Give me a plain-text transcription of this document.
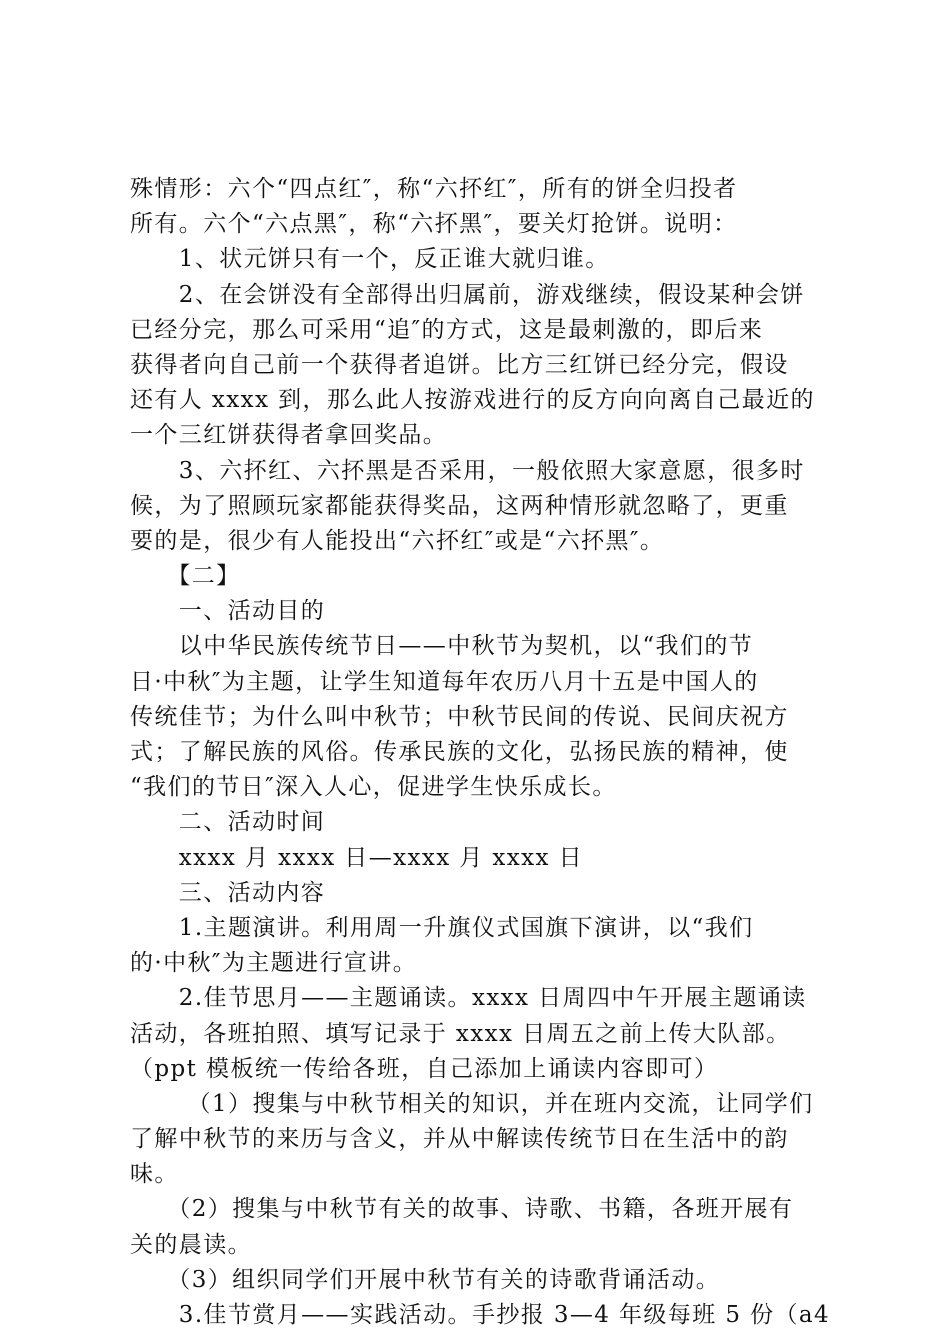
殊情形：六个“四点红″，称“六抔红″，所有的饼全归投者
所有。六个“六点黑″，称“六抔黑″，要关灯抢饼。说明：
　　1、状元饼只有一个，反正谁大就归谁。
　　2、在会饼没有全部得出归属前，游戏继续，假设某种会饼
已经分完，那么可采用“追″的方式，这是最刺激的，即后来
获得者向自己前一个获得者追饼。比方三红饼已经分完，假设
还有人 xxxx 到，那么此人按游戏进行的反方向向离自己最近的
一个三红饼获得者拿回奖品。
　　3、六抔红、六抔黑是否采用，一般依照大家意愿，很多时
候，为了照顾玩家都能获得奖品，这两种情形就忽略了，更重
要的是，很少有人能投出“六抔红″或是“六抔黑″。
　　【二】
　　一、活动目的
　　以中华民族传统节日——中秋节为契机，以“我们的节
日·中秋″为主题，让学生知道每年农历八月十五是中国人的
传统佳节；为什么叫中秋节；中秋节民间的传说、民间庆祝方
式；了解民族的风俗。传承民族的文化，弘扬民族的精神，使
“我们的节日″深入人心，促进学生快乐成长。
　　二、活动时间
　　xxxx 月 xxxx 日—xxxx 月 xxxx 日
　　三、活动内容
　　1.主题演讲。利用周一升旗仪式国旗下演讲，以“我们
的·中秋″为主题进行宣讲。
　　2.佳节思月——主题诵读。xxxx 日周四中午开展主题诵读
活动，各班拍照、填写记录于 xxxx 日周五之前上传大队部。
（ppt 模板统一传给各班，自己添加上诵读内容即可）
　　 （1）搜集与中秋节相关的知识，并在班内交流，让同学们
了解中秋节的来历与含义，并从中解读传统节日在生活中的韵
味。
　　（2）搜集与中秋节有关的故事、诗歌、书籍，各班开展有
关的晨读。
　　（3）组织同学们开展中秋节有关的诗歌背诵活动。
　　3.佳节赏月——实践活动。手抄报 3—4 年级每班 5 份（a4
